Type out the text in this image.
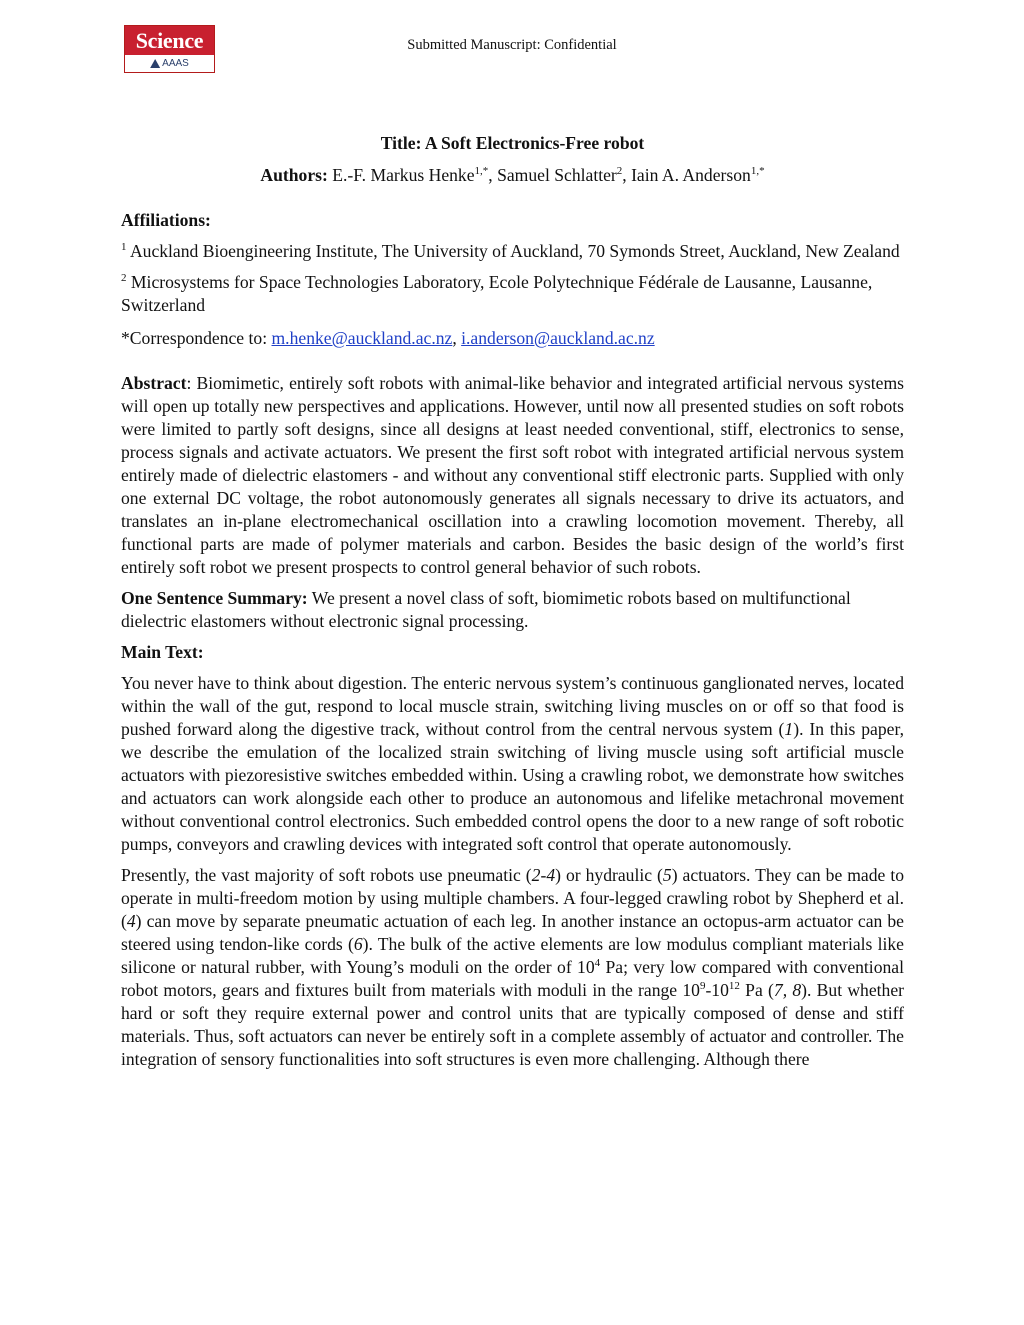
Science
AAAS
Submitted Manuscript: Confidential

Title: A Soft Electronics-Free robot

Authors: E.-F. Markus Henke$^{1,*}$, Samuel Schlatter$^2$, Iain A. Anderson$^{1,*}$

Affiliations:

$^1$ Auckland Bioengineering Institute, The University of Auckland, 70 Symonds Street, Auckland, New Zealand

$^2$ Microsystems for Space Technologies Laboratory, Ecole Polytechnique Fédérale de Lausanne, Lausanne, Switzerland

*Correspondence to: m.henke@auckland.ac.nz, i.anderson@auckland.ac.nz

Abstract: Biomimetic, entirely soft robots with animal-like behavior and integrated artificial nervous systems will open up totally new perspectives and applications. However, until now all presented studies on soft robots were limited to partly soft designs, since all designs at least needed conventional, stiff, electronics to sense, process signals and activate actuators. We present the first soft robot with integrated artificial nervous system entirely made of dielectric elastomers - and without any conventional stiff electronic parts. Supplied with only one external DC voltage, the robot autonomously generates all signals necessary to drive its actuators, and translates an in-plane electromechanical oscillation into a crawling locomotion movement. Thereby, all functional parts are made of polymer materials and carbon. Besides the basic design of the world’s first entirely soft robot we present prospects to control general behavior of such robots.

One Sentence Summary: We present a novel class of soft, biomimetic robots based on multifunctional dielectric elastomers without electronic signal processing.

Main Text:

You never have to think about digestion. The enteric nervous system’s continuous ganglionated nerves, located within the wall of the gut, respond to local muscle strain, switching living muscles on or off so that food is pushed forward along the digestive track, without control from the central nervous system (1). In this paper, we describe the emulation of the localized strain switching of living muscle using soft artificial muscle actuators with piezoresistive switches embedded within. Using a crawling robot, we demonstrate how switches and actuators can work alongside each other to produce an autonomous and lifelike metachronal movement without conventional control electronics. Such embedded control opens the door to a new range of soft robotic pumps, conveyors and crawling devices with integrated soft control that operate autonomously.

Presently, the vast majority of soft robots use pneumatic (2-4) or hydraulic (5) actuators. They can be made to operate in multi-freedom motion by using multiple chambers. A four-legged crawling robot by Shepherd et al. (4) can move by separate pneumatic actuation of each leg. In another instance an octopus-arm actuator can be steered using tendon-like cords (6). The bulk of the active elements are low modulus compliant materials like silicone or natural rubber, with Young’s moduli on the order of $10^4$ Pa; very low compared with conventional robot motors, gears and fixtures built from materials with moduli in the range $10^9-10^{12}$ Pa (7, 8). But whether hard or soft they require external power and control units that are typically composed of dense and stiff materials. Thus, soft actuators can never be entirely soft in a complete assembly of actuator and controller. The integration of sensory functionalities into soft structures is even more challenging. Although there
